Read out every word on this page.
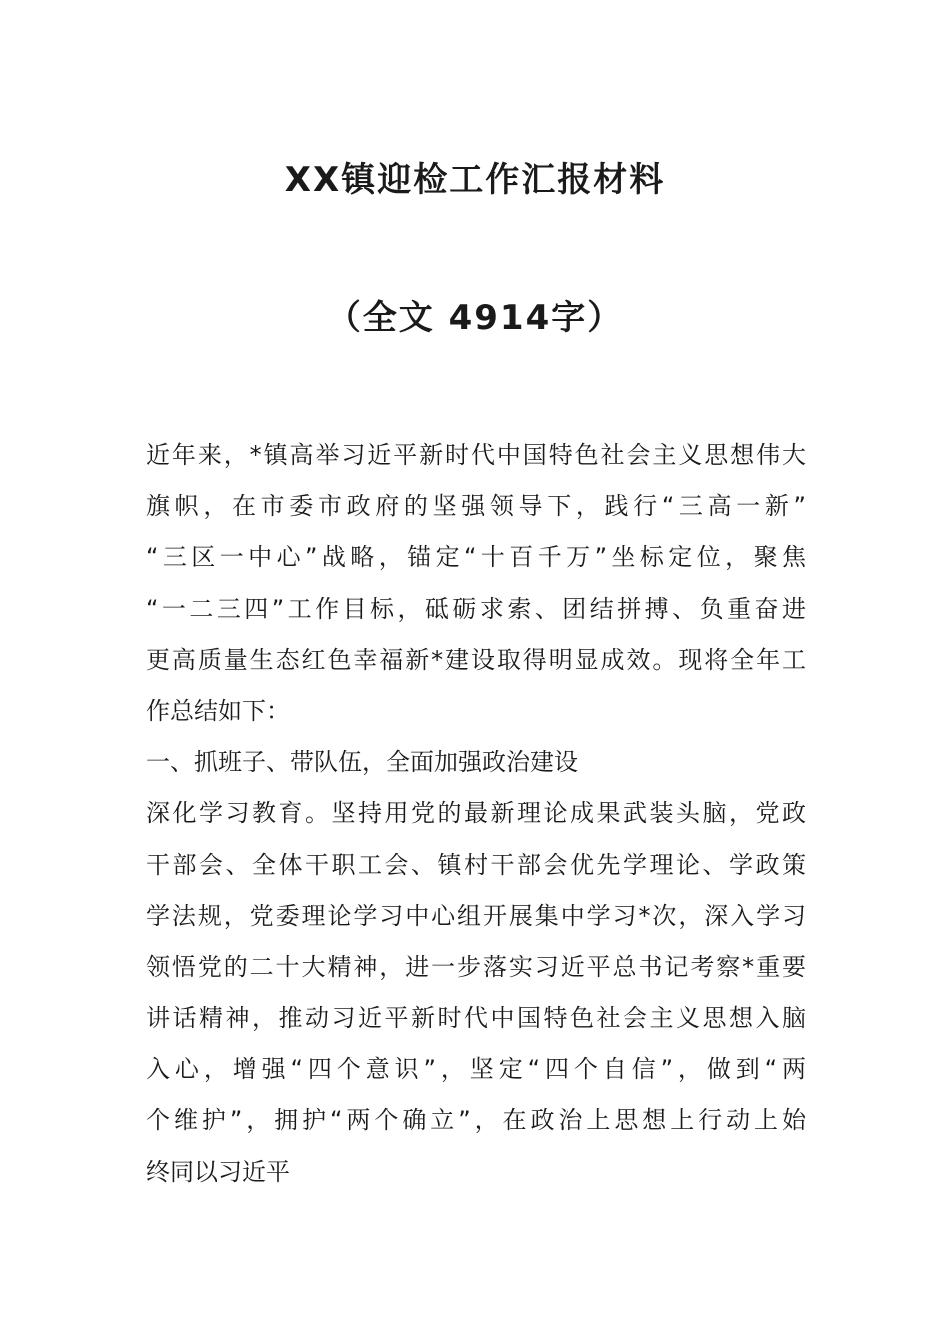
XX镇迎检工作汇报材料
（全文 4914字）
近年来，*镇高举习近平新时代中国特色社会主义思想伟大
旗帜，在市委市政府的坚强领导下，践行“三高一新”
“三区一中心”战略，锚定“十百千万”坐标定位，聚焦
“一二三四”工作目标，砥砺求索、团结拼搏、负重奋进
更高质量生态红色幸福新*建设取得明显成效。现将全年工
作总结如下：
一、抓班子、带队伍，全面加强政治建设
深化学习教育。坚持用党的最新理论成果武装头脑，党政
干部会、全体干职工会、镇村干部会优先学理论、学政策
学法规，党委理论学习中心组开展集中学习*次，深入学习
领悟党的二十大精神，进一步落实习近平总书记考察*重要
讲话精神，推动习近平新时代中国特色社会主义思想入脑
入心，增强“四个意识”，坚定“四个自信”，做到“两
个维护”，拥护“两个确立”，在政治上思想上行动上始
终同以习近平
